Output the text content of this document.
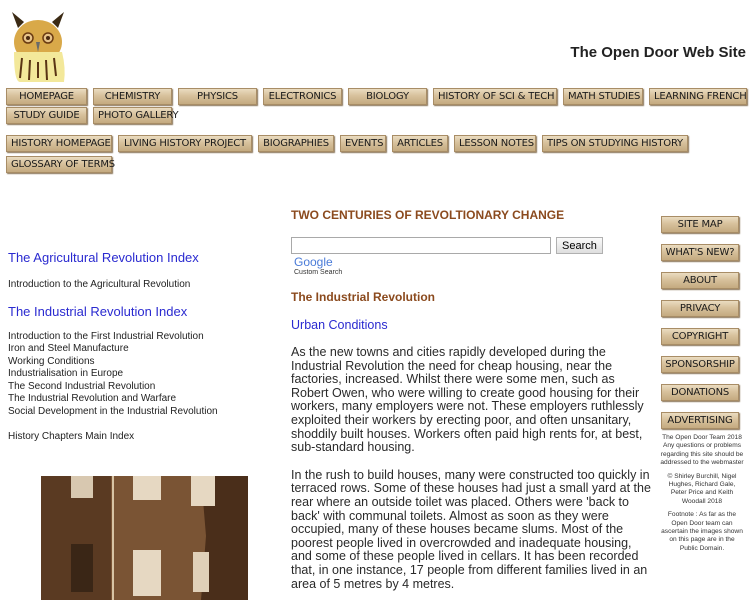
The Open Door Web Site
HOMEPAGE	CHEMISTRY	PHYSICS	ELECTRONICS	BIOLOGY	HISTORY OF SCI & TECH	MATH STUDIES	LEARNING FRENCH
STUDY GUIDE	PHOTO GALLERY
HISTORY HOMEPAGE	LIVING HISTORY PROJECT	BIOGRAPHIES	EVENTS	ARTICLES	LESSON NOTES	TIPS ON STUDYING HISTORY
GLOSSARY OF TERMS
The Agricultural Revolution Index
Introduction to the Agricultural Revolution
The Industrial Revolution Index
Introduction to the First Industrial Revolution
Iron and Steel Manufacture
Working Conditions
Industrialisation in Europe
The Second Industrial Revolution
The Industrial Revolution and Warfare
Social Development in the Industrial Revolution
History Chapters Main Index
TWO CENTURIES OF REVOLTIONARY CHANGE
Search
Google
Custom Search
The Industrial Revolution
Urban Conditions

As the new towns and cities rapidly developed during the Industrial Revolution the need for cheap housing, near the factories, increased. Whilst there were some men, such as Robert Owen, who were willing to create good housing for their workers, many employers were not. These employers ruthlessly exploited their workers by erecting poor, and often unsanitary, shoddily built houses. Workers often paid high rents for, at best, sub-standard housing.

In the rush to build houses, many were constructed too quickly in terraced rows. Some of these houses had just a small yard at the rear where an outside toilet was placed. Others were 'back to back' with communal toilets. Almost as soon as they were occupied, many of these houses became slums. Most of the poorest people lived in overcrowded and inadequate housing, and some of these people lived in cellars. It has been recorded that, in one instance, 17 people from different families lived in an area of 5 metres by 4 metres.

SITE MAP
WHAT'S NEW?
ABOUT
PRIVACY
COPYRIGHT
SPONSORSHIP
DONATIONS
ADVERTISING

The Open Door Team 2018
Any questions or problems regarding this site should be addressed to the webmaster

© Shirley Burchill, Nigel Hughes, Richard Gale, Peter Price and Keith Woodall 2018

Footnote : As far as the Open Door team can ascertain the images shown on this page are in the Public Domain.
